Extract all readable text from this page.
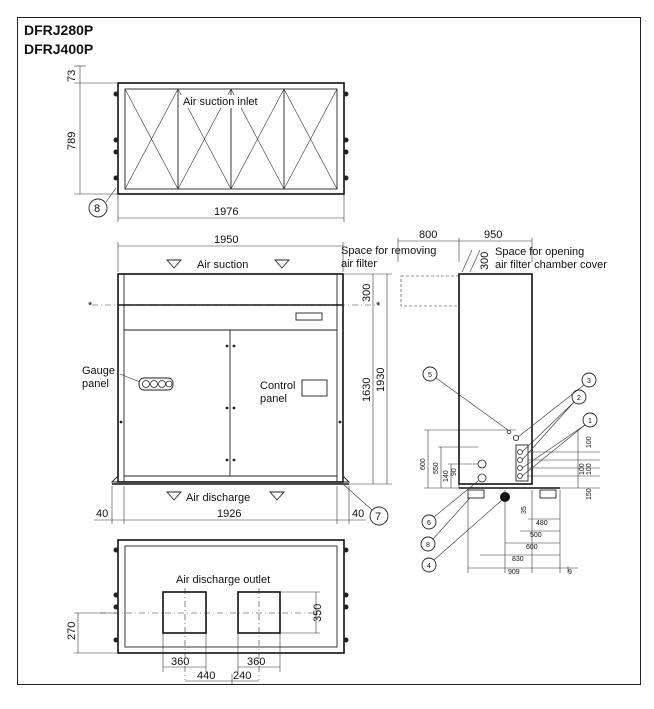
DFRJ280P
DFRJ400P
Air suction inlet
73
789
1976
8
1950
Air suction
Space for removing
air filter
*	*
Gauge
panel	Control
panel
Air discharge
300
1630 1930
40	1926	40 7
800	950
Space for opening
air filter chamber cover
300
5
3
2
1
6
8
4
600 550
140 90
100
100 100
150
35
480
500
600
830
909	9
Air discharge outlet
350
270
360	360
440 240
